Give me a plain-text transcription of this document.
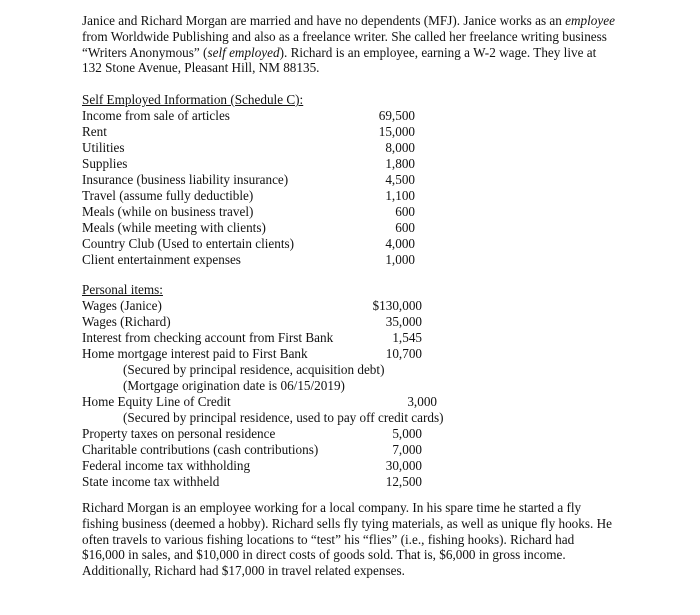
Janice and Richard Morgan are married and have no dependents (MFJ). Janice works as an employee from Worldwide Publishing and also as a freelance writer. She called her freelance writing business “Writers Anonymous” (self employed). Richard is an employee, earning a W-2 wage. They live at 132 Stone Avenue, Pleasant Hill, NM 88135.
Self Employed Information (Schedule C):
Income from sale of articles	69,500
Rent	15,000
Utilities	8,000
Supplies	1,800
Insurance (business liability insurance)	4,500
Travel (assume fully deductible)	1,100
Meals (while on business travel)	600
Meals (while meeting with clients)	600
Country Club (Used to entertain clients)	4,000
Client entertainment expenses	1,000
Personal items:
Wages (Janice)	$130,000
Wages (Richard)	35,000
Interest from checking account from First Bank	1,545
Home mortgage interest paid to First Bank	10,700
(Secured by principal residence, acquisition debt)
(Mortgage origination date is 06/15/2019)
Home Equity Line of Credit	3,000
(Secured by principal residence, used to pay off credit cards)
Property taxes on personal residence	5,000
Charitable contributions (cash contributions)	7,000
Federal income tax withholding	30,000
State income tax withheld	12,500
Richard Morgan is an employee working for a local company. In his spare time he started a fly fishing business (deemed a hobby). Richard sells fly tying materials, as well as unique fly hooks. He often travels to various fishing locations to “test” his “flies” (i.e., fishing hooks). Richard had $16,000 in sales, and $10,000 in direct costs of goods sold. That is, $6,000 in gross income. Additionally, Richard had $17,000 in travel related expenses.
